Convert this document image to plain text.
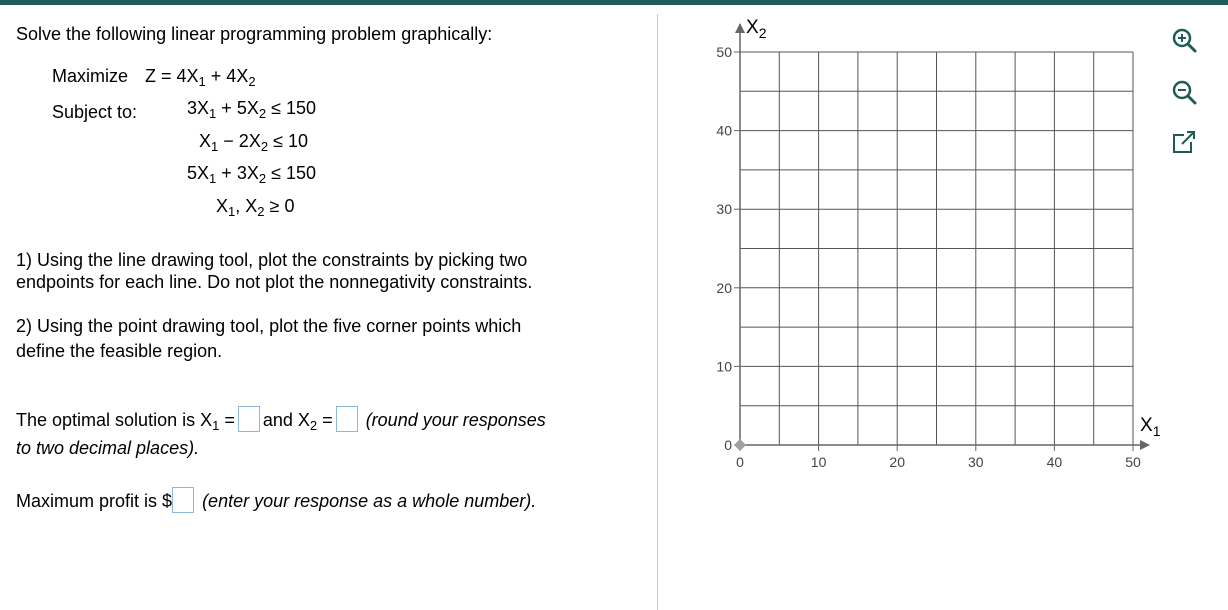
Solve the following linear programming problem graphically:
Maximize $Z = 4X_1 + 4X_2$
Subject to:	$3X_1 + 5X_2 \le 150$
$X_1 - 2X_2 \le 10$
$5X_1 + 3X_2 \le 150$
$X_1$, $X_2 \ge 0$
1) Using the line drawing tool, plot the constraints by picking two
endpoints for each line. Do not plot the nonnegativity constraints.
2) Using the point drawing tool, plot the five corner points which
define the feasible region.
The optimal solution is $X_1$ = and $X_2$ = (round your responses
to two decimal places).
Maximum profit is $ (enter your response as a whole number).
0	10	20	30	40	50
0
10
20
30
40
50
$X_2$
$X_1$
